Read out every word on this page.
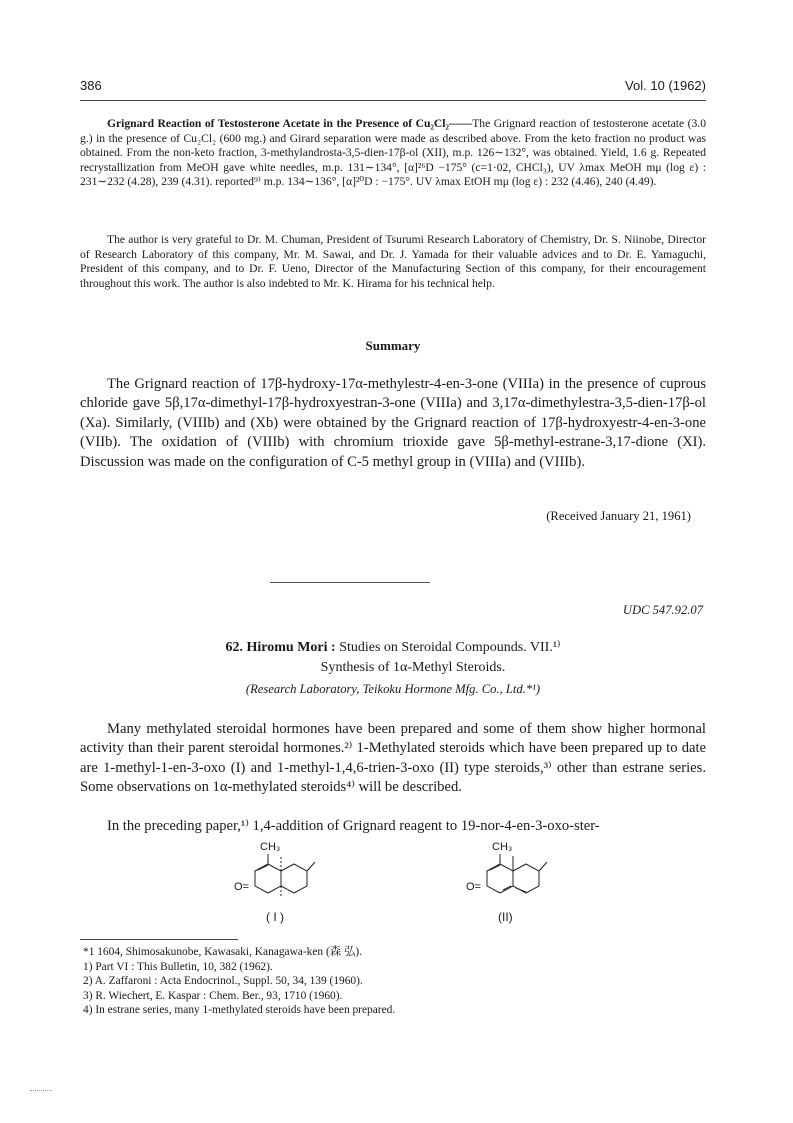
386	Vol. 10 (1962)
Grignard Reaction of Testosterone Acetate in the Presence of Cu₂Cl₂——The Grignard reaction of testosterone acetate (3.0 g.) in the presence of Cu₂Cl₂ (600 mg.) and Girard separation were made as described above. From the keto fraction no product was obtained. From the non-keto fraction, 3-methylandrosta-3,5-dien-17β-ol (XII), m.p. 126∼132°, was obtained. Yield, 1.6 g. Repeated recrystallization from MeOH gave white needles, m.p. 131∼134°, [α]²⁶D −175° (c=1·02, CHCl₃), UV λmax MeOH mμ (log ε) : 231∼232 (4.28), 239 (4.31). reported⁹⁾ m.p. 134∼136°, [α]²⁰D : −175°. UV λmax EtOH mμ (log ε) : 232 (4.46), 240 (4.49).
The author is very grateful to Dr. M. Chuman, President of Tsurumi Research Laboratory of Chemistry, Dr. S. Niinobe, Director of Research Laboratory of this company, Mr. M. Sawai, and Dr. J. Yamada for their valuable advices and to Dr. E. Yamaguchi, President of this company, and to Dr. F. Ueno, Director of the Manufacturing Section of this company, for their encouragement throughout this work. The author is also indebted to Mr. K. Hirama for his technical help.
Summary
The Grignard reaction of 17β-hydroxy-17α-methylestr-4-en-3-one (VIIIa) in the presence of cuprous chloride gave 5β,17α-dimethyl-17β-hydroxyestran-3-one (VIIIa) and 3,17α-dimethylestra-3,5-dien-17β-ol (Xa). Similarly, (VIIIb) and (Xb) were obtained by the Grignard reaction of 17β-hydroxyestr-4-en-3-one (VIIb). The oxidation of (VIIIb) with chromium trioxide gave 5β-methyl-estrane-3,17-dione (XI). Discussion was made on the configuration of C-5 methyl group in (VIIIa) and (VIIIb).
(Received January 21, 1961)
UDC 547.92.07
62. Hiromu Mori : Studies on Steroidal Compounds. VII.¹⁾
Synthesis of 1α-Methyl Steroids.
(Research Laboratory, Teikoku Hormone Mfg. Co., Ltd.*¹)
Many methylated steroidal hormones have been prepared and some of them show higher hormonal activity than their parent steroidal hormones.²⁾ 1-Methylated steroids which have been prepared up to date are 1-methyl-1-en-3-oxo (I) and 1-methyl-1,4,6-trien-3-oxo (II) type steroids,³⁾ other than estrane series. Some observations on 1α-methylated steroids⁴⁾ will be described.
In the preceding paper,¹⁾ 1,4-addition of Grignard reagent to 19-nor-4-en-3-oxo-ster-
CH₃
O=
( I )
CH₃
O=
(II)

*1 1604, Shimosakunobe, Kawasaki, Kanagawa-ken (森 弘).

1) Part VI : This Bulletin, 10, 382 (1962).

2) A. Zaffaroni : Acta Endocrinol., Suppl. 50, 34, 139 (1960).

3) R. Wiechert, E. Kaspar : Chem. Ber., 93, 1710 (1960).

4) In estrane series, many 1-methylated steroids have been prepared.
